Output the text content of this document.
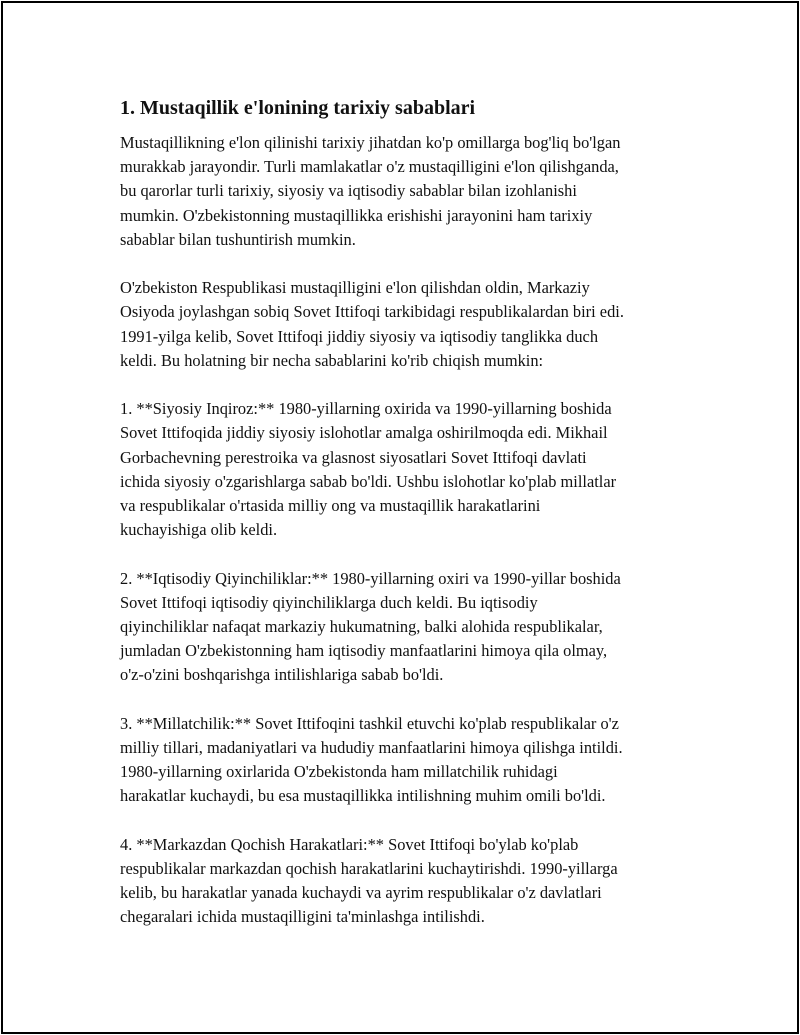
1. Mustaqillik e'lonining tarixiy sabablari

Mustaqillikning e'lon qilinishi tarixiy jihatdan ko'p omillarga bog'liq bo'lgan
murakkab jarayondir. Turli mamlakatlar o'z mustaqilligini e'lon qilishganda,
bu qarorlar turli tarixiy, siyosiy va iqtisodiy sabablar bilan izohlanishi
mumkin. O'zbekistonning mustaqillikka erishishi jarayonini ham tarixiy
sabablar bilan tushuntirish mumkin.

O'zbekiston Respublikasi mustaqilligini e'lon qilishdan oldin, Markaziy
Osiyoda joylashgan sobiq Sovet Ittifoqi tarkibidagi respublikalardan biri edi.
1991-yilga kelib, Sovet Ittifoqi jiddiy siyosiy va iqtisodiy tanglikka duch
keldi. Bu holatning bir necha sabablarini ko'rib chiqish mumkin:

1. **Siyosiy Inqiroz:** 1980-yillarning oxirida va 1990-yillarning boshida
Sovet Ittifoqida jiddiy siyosiy islohotlar amalga oshirilmoqda edi. Mikhail
Gorbachevning perestroika va glasnost siyosatlari Sovet Ittifoqi davlati
ichida siyosiy o'zgarishlarga sabab bo'ldi. Ushbu islohotlar ko'plab millatlar
va respublikalar o'rtasida milliy ong va mustaqillik harakatlarini
kuchayishiga olib keldi.

2. **Iqtisodiy Qiyinchiliklar:** 1980-yillarning oxiri va 1990-yillar boshida
Sovet Ittifoqi iqtisodiy qiyinchiliklarga duch keldi. Bu iqtisodiy
qiyinchiliklar nafaqat markaziy hukumatning, balki alohida respublikalar,
jumladan O'zbekistonning ham iqtisodiy manfaatlarini himoya qila olmay,
o'z-o'zini boshqarishga intilishlariga sabab bo'ldi.

3. **Millatchilik:** Sovet Ittifoqini tashkil etuvchi ko'plab respublikalar o'z
milliy tillari, madaniyatlari va hududiy manfaatlarini himoya qilishga intildi.
1980-yillarning oxirlarida O'zbekistonda ham millatchilik ruhidagi
harakatlar kuchaydi, bu esa mustaqillikka intilishning muhim omili bo'ldi.

4. **Markazdan Qochish Harakatlari:** Sovet Ittifoqi bo'ylab ko'plab
respublikalar markazdan qochish harakatlarini kuchaytirishdi. 1990-yillarga
kelib, bu harakatlar yanada kuchaydi va ayrim respublikalar o'z davlatlari
chegaralari ichida mustaqilligini ta'minlashga intilishdi.
